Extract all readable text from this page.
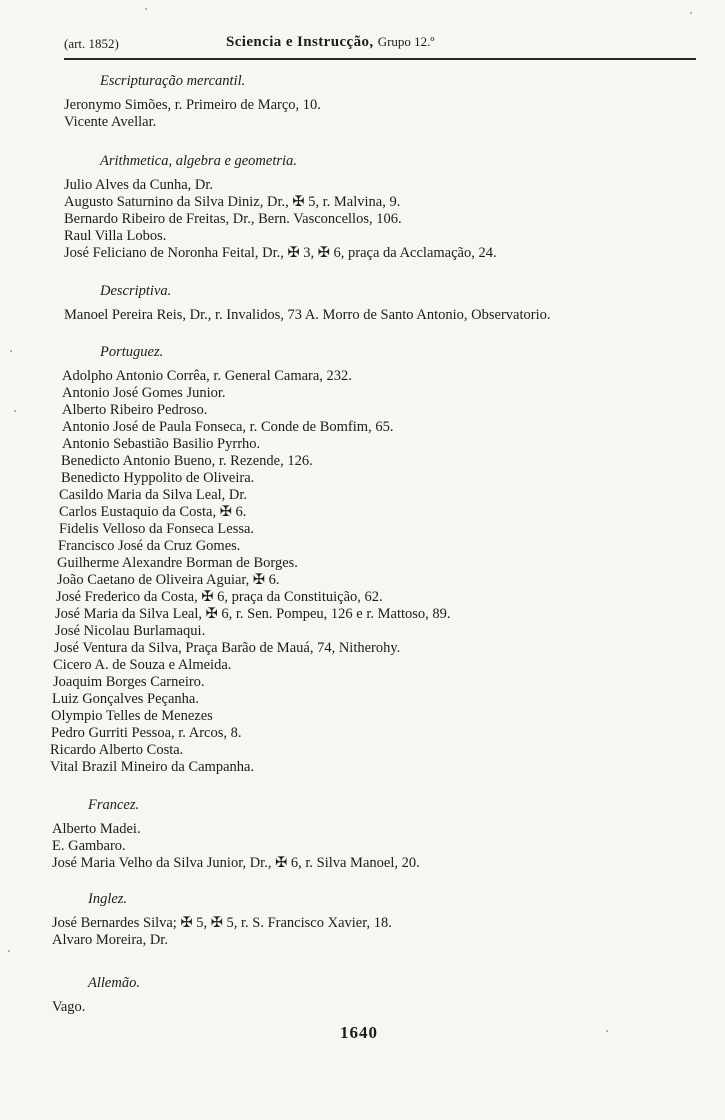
(art. 1852)	Sciencia e Instrucção, Grupo 12.º
Escripturação mercantil.
Jeronymo Simões, r. Primeiro de Março, 10.
Vicente Avellar.
Arithmetica, algebra e geometria.
Julio Alves da Cunha, Dr.
Augusto Saturnino da Silva Diniz, Dr., ✠ 5, r. Malvina, 9.
Bernardo Ribeiro de Freitas, Dr., Bern. Vasconcellos, 106.
Raul Villa Lobos.
José Feliciano de Noronha Feital, Dr., ✠ 3, ✠ 6, praça da Acclamação, 24.
Descriptiva.
Manoel Pereira Reis, Dr., r. Invalidos, 73 A. Morro de Santo Antonio, Observatorio.
Portuguez.
Adolpho Antonio Corrêa, r. General Camara, 232.
Antonio José Gomes Junior.
Alberto Ribeiro Pedroso.
Antonio José de Paula Fonseca, r. Conde de Bomfim, 65.
Antonio Sebastião Basilio Pyrrho.
Benedicto Antonio Bueno, r. Rezende, 126.
Benedicto Hyppolito de Oliveira.
Casildo Maria da Silva Leal, Dr.
Carlos Eustaquio da Costa, ✠ 6.
Fidelis Velloso da Fonseca Lessa.
Francisco José da Cruz Gomes.
Guilherme Alexandre Borman de Borges.
João Caetano de Oliveira Aguiar, ✠ 6.
José Frederico da Costa, ✠ 6, praça da Constituição, 62.
José Maria da Silva Leal, ✠ 6, r. Sen. Pompeu, 126 e r. Mattoso, 89.
José Nicolau Burlamaqui.
José Ventura da Silva, Praça Barão de Mauá, 74, Nitherohy.
Cicero A. de Souza e Almeida.
Joaquim Borges Carneiro.
Luiz Gonçalves Peçanha.
Olympio Telles de Menezes
Pedro Gurriti Pessoa, r. Arcos, 8.
Ricardo Alberto Costa.
Vital Brazil Mineiro da Campanha.
Francez.
Alberto Madei.
E. Gambaro.
José Maria Velho da Silva Junior, Dr., ✠ 6, r. Silva Manoel, 20.
Inglez.
José Bernardes Silva; ✠ 5, ✠ 5, r. S. Francisco Xavier, 18.
Alvaro Moreira, Dr.
Allemão.
Vago.
1640
